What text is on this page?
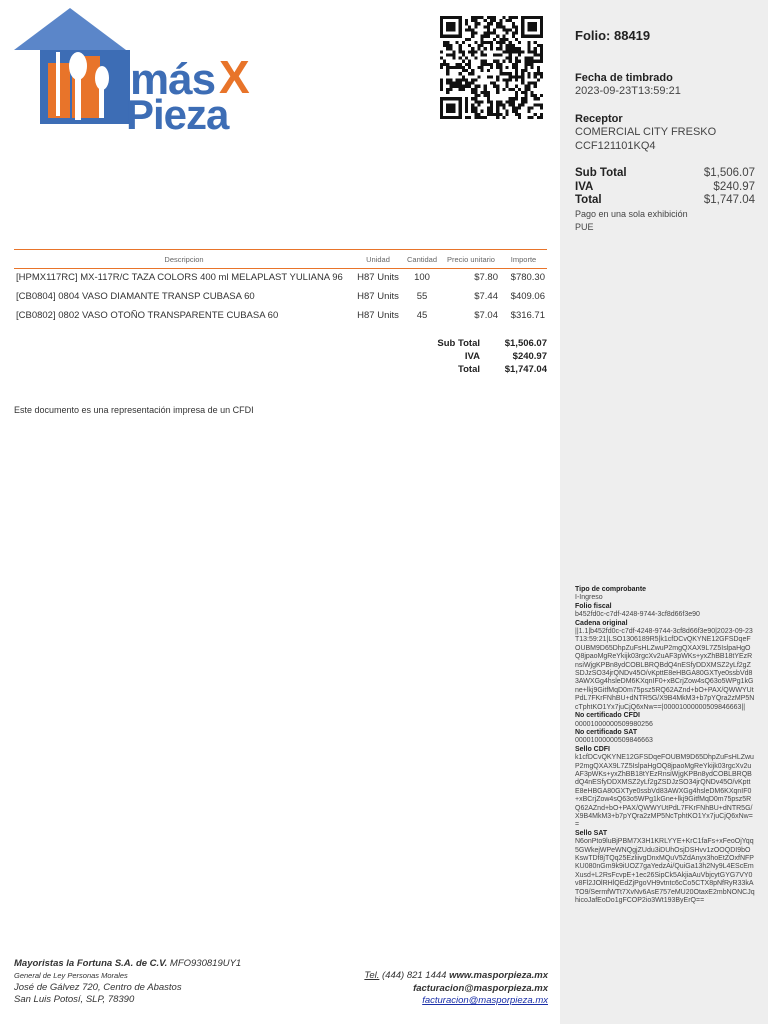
más X
Pieza
Descripcion	Unidad	Cantidad	Precio unitario	Importe
[HPMX117RC] MX-117R/C TAZA COLORS 400 ml MELAPLAST YULIANA 96	H87 Units	100	$7.80	$780.30
[CB0804] 0804 VASO DIAMANTE TRANSP CUBASA 60	H87 Units	55	$7.44	$409.06
[CB0802] 0802 VASO OTOÑO TRANSPARENTE CUBASA 60	H87 Units	45	$7.04	$316.71
Sub Total	$1,506.07
IVA	$240.97
Total	$1,747.04
Este documento es una representación impresa de un CFDI
Folio: 88419
Fecha de timbrado
2023-09-23T13:59:21
Receptor
COMERCIAL CITY FRESKO
CCF121101KQ4
Sub Total	$1,506.07
IVA	$240.97
Total	$1,747.04
Pago en una sola exhibición
PUE
Tipo de comprobante
I-Ingreso
Folio fiscal
b452fd0c-c7df-4248-9744-3cf8d66f3e90
Cadena original
||1.1|b452fd0c-c7df-4248-9744-3cf8d66f3e90|2023-09-23T13:59:21|LSO1306189R5|k1cfDCvQKYNE12GFSDqeFOUBM9D65DhpZuFsHLZwuP2mgQXAX9L7Z5IslpaHgOQ8jpaoMgReYkijk03rgcXv2uAF3pWKs+yxZhBB18tYEzRnsiWjgKPBn8ydCOBLBRQBdQ4nESfyDDXMSZ2yLf2gZSDJzSO34jrQNDv45O/vKpttE8eHBGA80GXTye0ssbVd83AWXGg4hsleDM6KXqnIF0+xBCrjZow4sQ63o5WPg1kGne+lkj9GitfMqD0m75psz5RQ62AZnd+bO+PAX/QWWYUtPdL7FKrFNhBU+dNTR5G/X9B4MkM3+b7pYQra2zMP5NcTphtKO1Yx7juCjQ6xNw==|00001000000509846663||
No certificado CFDI
00001000000509980256
No certificado SAT
00001000000509846663
Sello CDFI
k1cfDCvQKYNE12GFSDqeFOUBM9D65DhpZuFsHLZwuP2mgQXAX9L7Z5IslpaHgOQ8jpaoMgReYkijk03rgcXv2uAF3pWKs+yxZhBB18tYEzRnsiWjgKPBn8ydCOBLBRQBdQ4nESfyDDXMSZ2yLf2gZSDJzSO34jrQNDv45O/vKpttE8eHBGA80GXTye0ssbVd83AWXGg4hsleDM6KXqnIF0+xBCrjZow4sQ63o5WPg1kGne+lkj9GitfMqD0m75psz5RQ62AZnd+bO+PAX/QWWYUtPdL7FKrFNhBU+dNTR5G/X9B4MkM3+b7pYQra2zMP5NcTphtKO1Yx7juCjQ6xNw==
Sello SAT
N6onPto9luBjPBM7X3H1KRLYYE+KrC1faFs+xFeoOjYqq5GWkejWPeWNQgjZUdu3iDUhOsjDSHvv1zOOQDI9bOKswTDf8jTQq25EzliivgDnxMQuV5ZdAnyx3hoEtZOxfNFPKU080nGm9k9iUOZ7gaYedzAi/QuiGa13h2Ny9L4EScEmXusd+L2RsFcvpE+1ec26SipCk5AkjiaAuVbjcytGYG7VY0v8Fl2JOlRHlQEdZjPgoVH9vtntc6cCo5CTX8pNfRyR33kATO9/SermfWTt7XvNv6AsE757eMU20OtaxE2mbNONCJqhicoJafEoDo1gFCOP2io3Wt193ByErQ==
Mayoristas la Fortuna S.A. de C.V. MFO930819UY1
General de Ley Personas Morales
José de Gálvez 720, Centro de Abastos
San Luis Potosí, SLP, 78390
Tel. (444) 821 1444 www.masporpieza.mx
facturacion@masporpieza.mx
facturacion@masporpieza.mx
